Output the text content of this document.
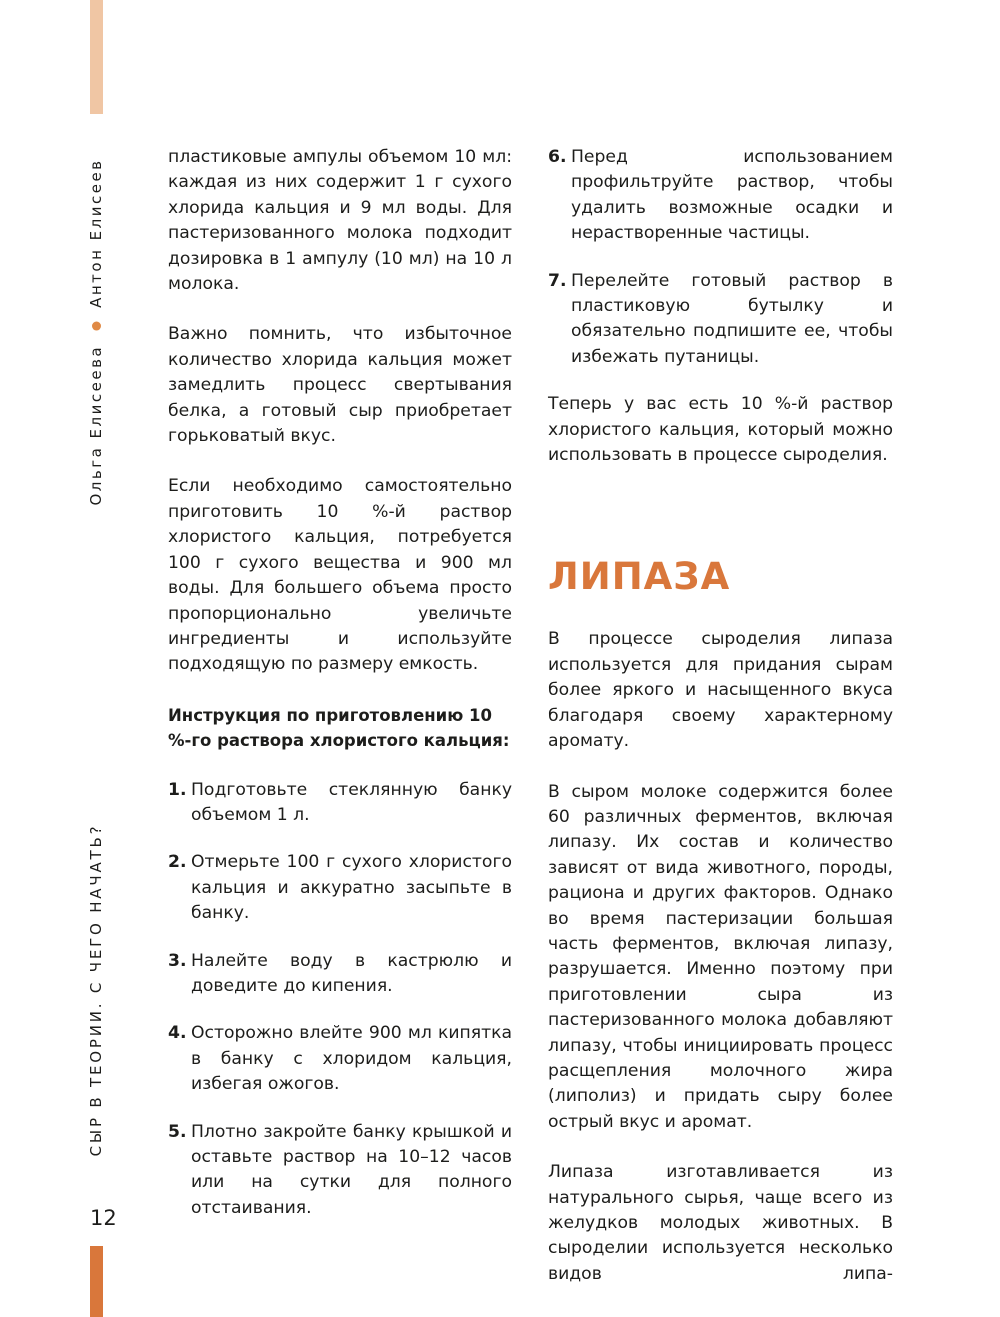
Ольга ЕлисееваАнтон Елисеев
СЫР В ТЕОРИИ. С ЧЕГО НАЧАТЬ?
12

пластиковые ампулы объемом 10 мл: каждая из них содержит 1 г сухого хлорида кальция и 9 мл воды. Для пастеризованного молока подходит дозировка в 1 ампулу (10 мл) на 10 л молока.

Важно помнить, что избыточное количество хлорида кальция может замедлить процесс свертывания белка, а готовый сыр приобретает горьковатый вкус.

Если необходимо самостоятельно приготовить 10 %-й раствор хлористого кальция, потребуется 100 г сухого вещества и 900 мл воды. Для большего объема просто пропорционально увеличьте ингредиенты и используйте подходящую по размеру емкость.

Инструкция по приготовлению 10 %-го раствора хлористого кальция:

1. Подготовьте стеклянную банку объемом 1 л.
2. Отмерьте 100 г сухого хлористого кальция и аккуратно засыпьте в банку.
3. Налейте воду в кастрюлю и доведите до кипения.
4. Осторожно влейте 900 мл кипятка в банку с хлоридом кальция, избегая ожогов.
5. Плотно закройте банку крышкой и оставьте раствор на 10–12 часов или на сутки для полного отстаивания.
6. Перед использованием профильтруйте раствор, чтобы удалить возможные осадки и нерастворенные частицы.
7. Перелейте готовый раствор в пластиковую бутылку и обязательно подпишите ее, чтобы избежать путаницы.

Теперь у вас есть 10 %-й раствор хлористого кальция, который можно использовать в процессе сыроделия.

ЛИПАЗА

В процессе сыроделия липаза используется для придания сырам более яркого и насыщенного вкуса благодаря своему характерному аромату.

В сыром молоке содержится более 60 различных ферментов, включая липазу. Их состав и количество зависят от вида животного, породы, рациона и других факторов. Однако во время пастеризации большая часть ферментов, включая липазу, разрушается. Именно поэтому при приготовлении сыра из пастеризованного молока добавляют липазу, чтобы инициировать процесс расщепления молочного жира (липолиз) и придать сыру более острый вкус и аромат.

Липаза изготавливается из натурального сырья, чаще всего из желудков молодых животных. В сыроделии используется несколько видов липа-
